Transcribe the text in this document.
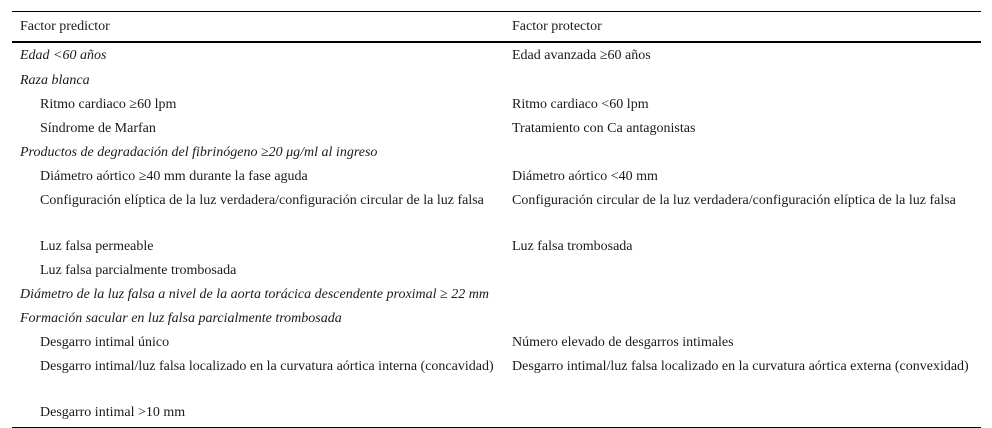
Factor predictor	Factor protector
Edad <60 años	Edad avanzada ≥60 años
Raza blanca	
Ritmo cardiaco ≥60 lpm	Ritmo cardiaco <60 lpm
Síndrome de Marfan	Tratamiento con Ca antagonistas
Productos de degradación del fibrinógeno ≥20 μg/ml al ingreso	
Diámetro aórtico ≥40 mm durante la fase aguda	Diámetro aórtico <40 mm
Configuración elíptica de la luz verdadera/configuración circular de la luz falsa	Configuración circular de la luz verdadera/configuración elíptica de la luz falsa
Luz falsa permeable	Luz falsa trombosada
Luz falsa parcialmente trombosada	
Diámetro de la luz falsa a nivel de la aorta torácica descendente proximal ≥ 22 mm	
Formación sacular en luz falsa parcialmente trombosada	
Desgarro intimal único	Número elevado de desgarros intimales
Desgarro intimal/luz falsa localizado en la curvatura aórtica interna (concavidad)	Desgarro intimal/luz falsa localizado en la curvatura aórtica externa (convexidad)
Desgarro intimal >10 mm	
